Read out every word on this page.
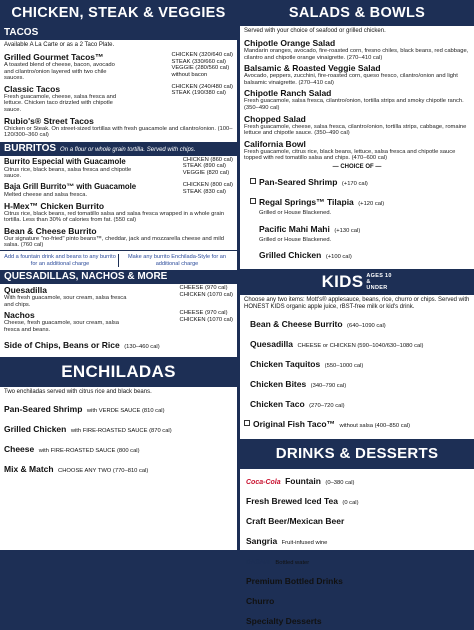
CHICKEN, STEAK & VEGGIES
TACOS
Available A La Carte or as a 2 Taco Plate.
Grilled Gourmet Tacos™
A toasted blend of cheese, bacon, avocado and cilantro/onion layered with two chile sauces.
CHICKEN (320/640 cal)
STEAK (330/660 cal)
VEGGIE (280/560 cal)
without bacon
Classic Tacos
Fresh guacamole, cheese, salsa fresca and lettuce. Chicken taco drizzled with chipotle sauce.
CHICKEN (240/480 cal)
STEAK (190/380 cal)
Rubio's® Street Tacos
Chicken or Steak. On street-sized tortillas with fresh guacamole and cilantro/onion. (100–120/300–360 cal)
BURRITOS On a flour or whole grain tortilla. Served with chips.
Burrito Especial with Guacamole
Citrus rice, black beans, salsa fresca and chipotle sauce.
CHICKEN (860 cal)
STEAK (890 cal)
VEGGIE (820 cal)
Baja Grill Burrito™ with Guacamole
Melted cheese and salsa fresca.
CHICKEN (800 cal)
STEAK (830 cal)
H-Mex™ Chicken Burrito
Citrus rice, black beans, red tomatillo salsa and salsa fresca wrapped in a whole grain tortilla. Less than 30% of calories from fat. (550 cal)
Bean & Cheese Burrito
Our signature "no-fried" pinto beans™, cheddar, jack and mozzarella cheese and mild salsa. (760 cal)
Add a fountain drink and beans to any burrito for an additional charge
Make any burrito Enchilada-Style for an additional charge
QUESADILLAS, NACHOS & MORE
Quesadilla
With fresh guacamole, sour cream, salsa fresca and chips.
CHEESE (970 cal)
CHICKEN (1070 cal)
Nachos
Cheese, fresh guacamole, sour cream, salsa fresca and beans.
CHEESE (970 cal)
CHICKEN (1070 cal)
Side of Chips, Beans or Rice (130–460 cal)
ENCHILADAS
Two enchiladas served with citrus rice and black beans.
Pan-Seared Shrimp with VERDE SAUCE (810 cal)
Grilled Chicken with FIRE-ROASTED SAUCE (870 cal)
Cheese with FIRE-ROASTED SAUCE (800 cal)
Mix & Match CHOOSE ANY TWO (770–810 cal)
SALADS & BOWLS
Served with your choice of seafood or grilled chicken.
Chipotle Orange Salad
Mandarin oranges, avocado, fire-roasted corn, fresno chiles, black beans, red cabbage, cilantro and chipotle orange vinaigrette. (270–410 cal)
Balsamic & Roasted Veggie Salad
Avocado, peppers, zucchini, fire-roasted corn, queso fresco, cilantro/onion and light balsamic vinaigrette. (270–410 cal)
Chipotle Ranch Salad
Fresh guacamole, salsa fresca, cilantro/onion, tortilla strips and smoky chipotle ranch. (350–490 cal)
Chopped Salad
Fresh guacamole, cheese, salsa fresca, cilantro/onion, tortilla strips, cabbage, romaine lettuce and chipotle sauce. (350–490 cal)
California Bowl
Fresh guacamole, citrus rice, black beans, lettuce, salsa fresca and chipotle sauce topped with red tomatillo salsa and chips. (470–600 cal)
— CHOICE OF —
Pan-Seared Shrimp (+170 cal)
Regal Springs™ Tilapia (+120 cal)
Grilled or House Blackened.
Pacific Mahi Mahi (+130 cal)
Grilled or House Blackened.
Grilled Chicken (+100 cal)
KIDS AGES 10 & UNDER
Choose any two items: Mott's® applesauce, beans, rice, churro or chips. Served with HONEST KIDS organic apple juice, rBST-free milk or kid's drink.
Bean & Cheese Burrito (640–1090 cal)
Quesadilla CHEESE or CHICKEN (590–1040/630–1080 cal)
Chicken Taquitos (550–1000 cal)
Chicken Bites (340–790 cal)
Chicken Taco (270–720 cal)
Original Fish Taco™ without salsa (400–850 cal)
DRINKS & DESSERTS
Coca-Cola Fountain (0–380 cal)
Fresh Brewed Iced Tea (0 cal)
Craft Beer/Mexican Beer
Sangria Fruit-infused wine
DASANI Bottled water
Premium Bottled Drinks
Churro
Specialty Desserts
